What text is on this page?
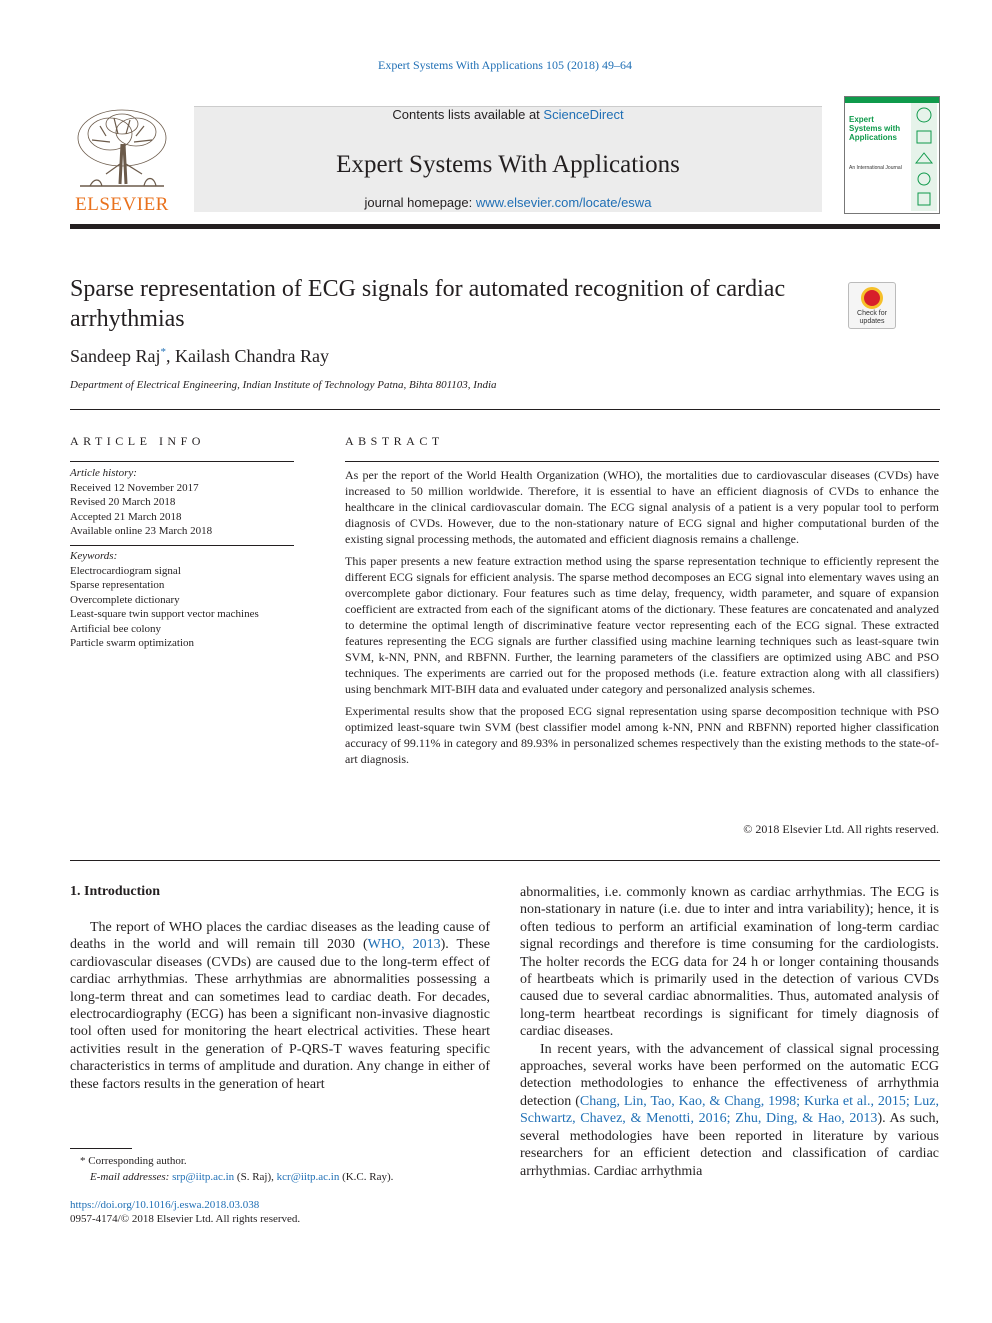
Expert Systems With Applications 105 (2018) 49–64
ELSEVIER
Contents lists available at ScienceDirect
Expert Systems With Applications
journal homepage: www.elsevier.com/locate/eswa
Expert Systems with Applications
An International Journal
Sparse representation of ECG signals for automated recognition of cardiac arrhythmias	Check for updates
Sandeep Raj*, Kailash Chandra Ray
Department of Electrical Engineering, Indian Institute of Technology Patna, Bihta 801103, India
ARTICLE INFO
Article history:
Received 12 November 2017
Revised 20 March 2018
Accepted 21 March 2018
Available online 23 March 2018
Keywords:
Electrocardiogram signal
Sparse representation
Overcomplete dictionary
Least-square twin support vector machines
Artificial bee colony
Particle swarm optimization
ABSTRACT

As per the report of the World Health Organization (WHO), the mortalities due to cardiovascular diseases (CVDs) have increased to 50 million worldwide. Therefore, it is essential to have an efficient diagnosis of CVDs to enhance the healthcare in the clinical cardiovascular domain. The ECG signal analysis of a patient is a very popular tool to perform diagnosis of CVDs. However, due to the non-stationary nature of ECG signal and higher computational burden of the existing signal processing methods, the automated and efficient diagnosis remains a challenge.

This paper presents a new feature extraction method using the sparse representation technique to efficiently represent the different ECG signals for efficient analysis. The sparse method decomposes an ECG signal into elementary waves using an overcomplete gabor dictionary. Four features such as time delay, frequency, width parameter, and square of expansion coefficient are extracted from each of the significant atoms of the dictionary. These features are concatenated and analyzed to determine the optimal length of discriminative feature vector representing each of the ECG signal. These extracted features representing the ECG signals are further classified using machine learning techniques such as least-square twin SVM, k-NN, PNN, and RBFNN. Further, the learning parameters of the classifiers are optimized using ABC and PSO techniques. The experiments are carried out for the proposed methods (i.e. feature extraction along with all classifiers) using benchmark MIT-BIH data and evaluated under category and personalized analysis schemes.

Experimental results show that the proposed ECG signal representation using sparse decomposition technique with PSO optimized least-square twin SVM (best classifier model among k-NN, PNN and RBFNN) reported higher classification accuracy of 99.11% in category and 89.93% in personalized schemes respectively than the existing methods to the state-of-art diagnosis.

© 2018 Elsevier Ltd. All rights reserved.
1. Introduction
The report of WHO places the cardiac diseases as the leading cause of deaths in the world and will remain till 2030 (WHO, 2013). These cardiovascular diseases (CVDs) are caused due to the long-term effect of cardiac arrhythmias. These arrhythmias are abnormalities possessing a long-term threat and can sometimes lead to cardiac death. For decades, electrocardiography (ECG) has been a significant non-invasive diagnostic tool often used for monitoring the heart electrical activities. These heart activities result in the generation of P-QRS-T waves featuring specific characteristics in terms of amplitude and duration. Any change in either of these factors results in the generation of heart

abnormalities, i.e. commonly known as cardiac arrhythmias. The ECG is non-stationary in nature (i.e. due to inter and intra variability); hence, it is often tedious to perform an artificial examination of long-term cardiac signal recordings and therefore is time consuming for the cardiologists. The holter records the ECG data for 24 h or longer containing thousands of heartbeats which is primarily used in the detection of various CVDs caused due to several cardiac abnormalities. Thus, automated analysis of long-term heartbeat recordings is significant for timely diagnosis of cardiac diseases.

In recent years, with the advancement of classical signal processing approaches, several works have been performed on the automatic ECG detection methodologies to enhance the effectiveness of arrhythmia detection (Chang, Lin, Tao, Kao, & Chang, 1998; Kurka et al., 2015; Luz, Schwartz, Chavez, & Menotti, 2016; Zhu, Ding, & Hao, 2013). As such, several methodologies have been reported in literature by various researchers for an efficient detection and classification of cardiac arrhythmias. Cardiac arrhythmia

* Corresponding author.
E-mail addresses: srp@iitp.ac.in (S. Raj), kcr@iitp.ac.in (K.C. Ray).
https://doi.org/10.1016/j.eswa.2018.03.038
0957-4174/© 2018 Elsevier Ltd. All rights reserved.
